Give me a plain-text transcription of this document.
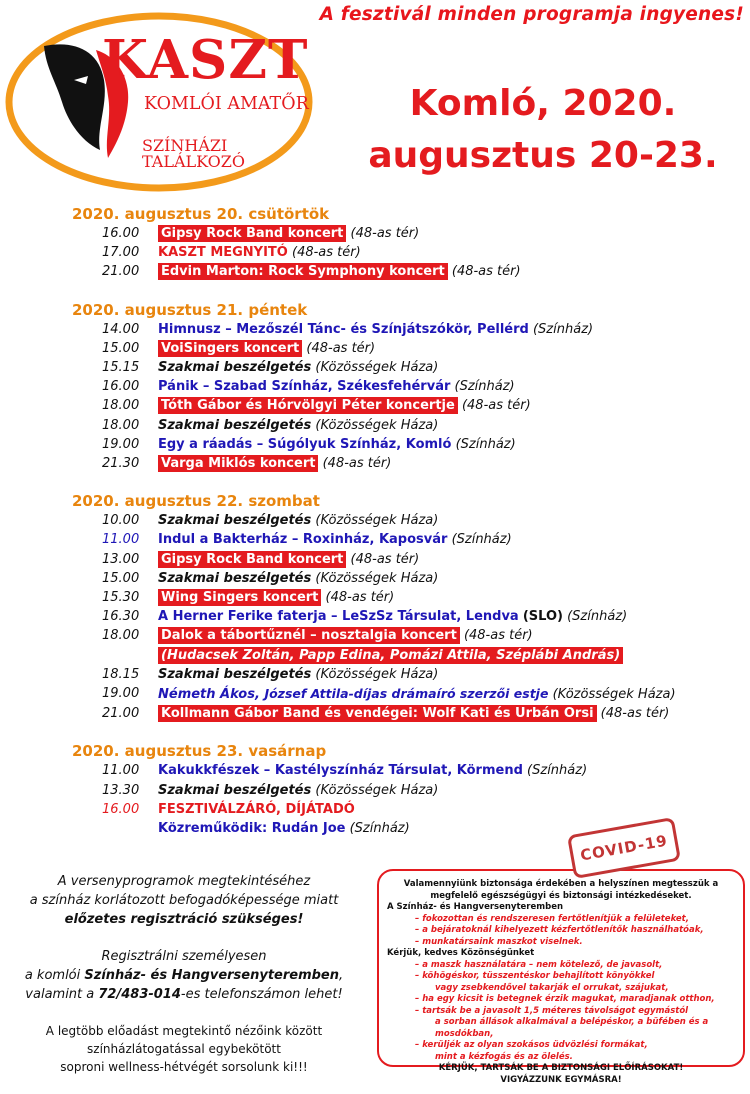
A fesztivál minden programja ingyenes!
KASZT
KOMLÓI AMATŐR
SZÍNHÁZI TALÁLKOZÓ
Komló, 2020.
augusztus 20-23.
2020. augusztus 20. csütörtök
16.00	Gipsy Rock Band koncert (48-as tér)
17.00	KASZT MEGNYITÓ (48-as tér)
21.00	Edvin Marton: Rock Symphony koncert (48-as tér)
2020. augusztus 21. péntek
14.00	Himnusz – Mezőszél Tánc- és Színjátszókör, Pellérd (Színház)
15.00	VoiSingers koncert (48-as tér)
15.15	Szakmai beszélgetés (Közösségek Háza)
16.00	Pánik – Szabad Színház, Székesfehérvár (Színház)
18.00	Tóth Gábor és Hórvölgyi Péter koncertje (48-as tér)
18.00	Szakmai beszélgetés (Közösségek Háza)
19.00	Egy a ráadás – Súgólyuk Színház, Komló (Színház)
21.30	Varga Miklós koncert (48-as tér)
2020. augusztus 22. szombat
10.00	Szakmai beszélgetés (Közösségek Háza)
11.00	Indul a Bakterház – Roxinház, Kaposvár (Színház)
13.00	Gipsy Rock Band koncert (48-as tér)
15.00	Szakmai beszélgetés (Közösségek Háza)
15.30	Wing Singers koncert (48-as tér)
16.30	A Herner Ferike faterja – LeSzSz Társulat, Lendva (SLO) (Színház)
18.00	Dalok a tábortűznél – nosztalgia koncert (48-as tér)
(Hudacsek Zoltán, Papp Edina, Pomázi Attila, Széplábi András)
18.15	Szakmai beszélgetés (Közösségek Háza)
19.00	Németh Ákos, József Attila-díjas drámaíró szerzői estje (Közösségek Háza)
21.00	Kollmann Gábor Band és vendégei: Wolf Kati és Urbán Orsi (48-as tér)
2020. augusztus 23. vasárnap
11.00	Kakukkfészek – Kastélyszínház Társulat, Körmend (Színház)
13.30	Szakmai beszélgetés (Közösségek Háza)
16.00	FESZTIVÁLZÁRÓ, DÍJÁTADÓ
Közreműködik: Rudán Joe (Színház)

A versenyprogramok megtekintéséhez
a színház korlátozott befogadóképessége miatt
előzetes regisztráció szükséges!

Regisztrálni személyesen
a komlói Színház- és Hangversenyteremben,
valamint a 72/483-014-es telefonszámon lehet!

A legtöbb előadást megtekintő nézőink között
színházlátogatással egybekötött
soproni wellness-hétvégét sorsolunk ki!!!

Valamennyiünk biztonsága érdekében a helyszínen megtesszük a
megfelelő egészségügyi és biztonsági intézkedéseket.
A Színház- és Hangversenyteremben
– fokozottan és rendszeresen fertőtlenítjük a felületeket,
– a bejáratoknál kihelyezett kézfertőtlenítők használhatóak,
– munkatársaink maszkot viselnek.
Kérjük, kedves Közönségünket
– a maszk használatára – nem kötelező, de javasolt,
– köhögéskor, tüsszentéskor behajlított könyökkel
vagy zsebkendővel takarják el orrukat, szájukat,
– ha egy kicsit is betegnek érzik magukat, maradjanak otthon,
– tartsák be a javasolt 1,5 méteres távolságot egymástól
a sorban állások alkalmával a belépéskor, a büfében és a mosdókban,
– kerüljék az olyan szokásos üdvözlési formákat,
mint a kézfogás és az ölelés.
KÉRJÜK, TARTSÁK BE A BIZTONSÁGI ELŐÍRÁSOKAT!
VIGYÁZZUNK EGYMÁSRA!
COVID-19
